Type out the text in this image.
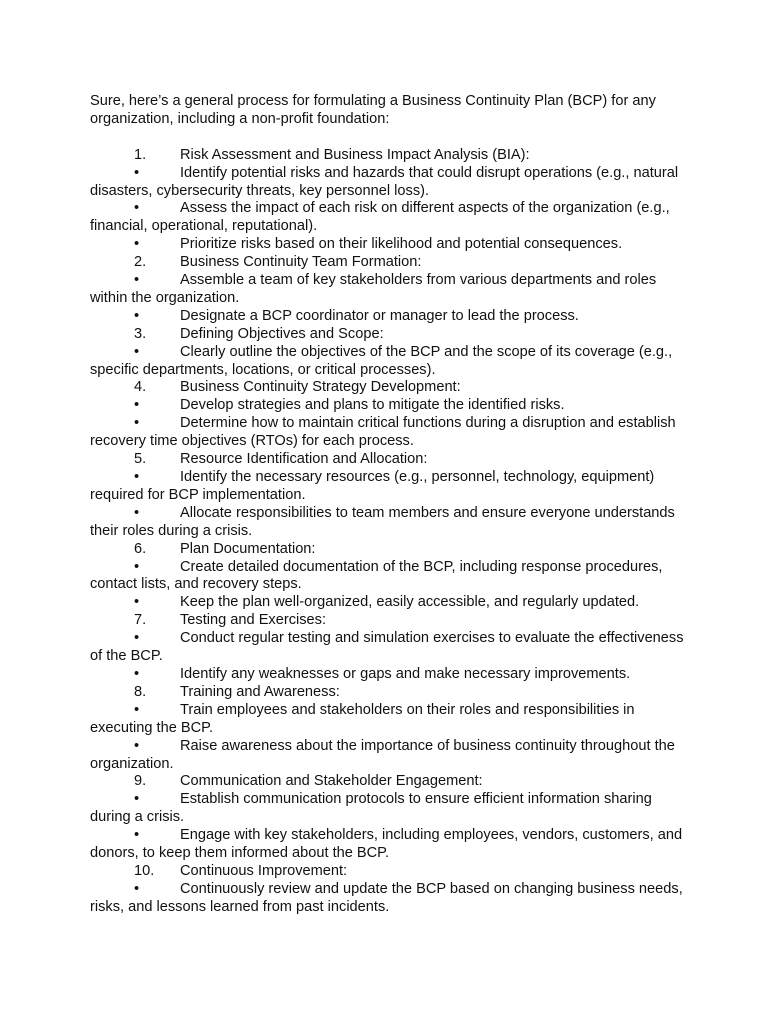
Sure, here’s a general process for formulating a Business Continuity Plan (BCP) for any organization, including a non-profit foundation:

1.	Risk Assessment and Business Impact Analysis (BIA):
•	Identify potential risks and hazards that could disrupt operations (e.g., natural disasters, cybersecurity threats, key personnel loss).
•	Assess the impact of each risk on different aspects of the organization (e.g., financial, operational, reputational).
•	Prioritize risks based on their likelihood and potential consequences.
2.	Business Continuity Team Formation:
•	Assemble a team of key stakeholders from various departments and roles within the organization.
•	Designate a BCP coordinator or manager to lead the process.
3.	Defining Objectives and Scope:
•	Clearly outline the objectives of the BCP and the scope of its coverage (e.g., specific departments, locations, or critical processes).
4.	Business Continuity Strategy Development:
•	Develop strategies and plans to mitigate the identified risks.
•	Determine how to maintain critical functions during a disruption and establish recovery time objectives (RTOs) for each process.
5.	Resource Identification and Allocation:
•	Identify the necessary resources (e.g., personnel, technology, equipment) required for BCP implementation.
•	Allocate responsibilities to team members and ensure everyone understands their roles during a crisis.
6.	Plan Documentation:
•	Create detailed documentation of the BCP, including response procedures, contact lists, and recovery steps.
•	Keep the plan well-organized, easily accessible, and regularly updated.
7.	Testing and Exercises:
•	Conduct regular testing and simulation exercises to evaluate the effectiveness of the BCP.
•	Identify any weaknesses or gaps and make necessary improvements.
8.	Training and Awareness:
•	Train employees and stakeholders on their roles and responsibilities in executing the BCP.
•	Raise awareness about the importance of business continuity throughout the organization.
9.	Communication and Stakeholder Engagement:
•	Establish communication protocols to ensure efficient information sharing during a crisis.
•	Engage with key stakeholders, including employees, vendors, customers, and donors, to keep them informed about the BCP.
10. Continuous Improvement:
•	Continuously review and update the BCP based on changing business needs, risks, and lessons learned from past incidents.
